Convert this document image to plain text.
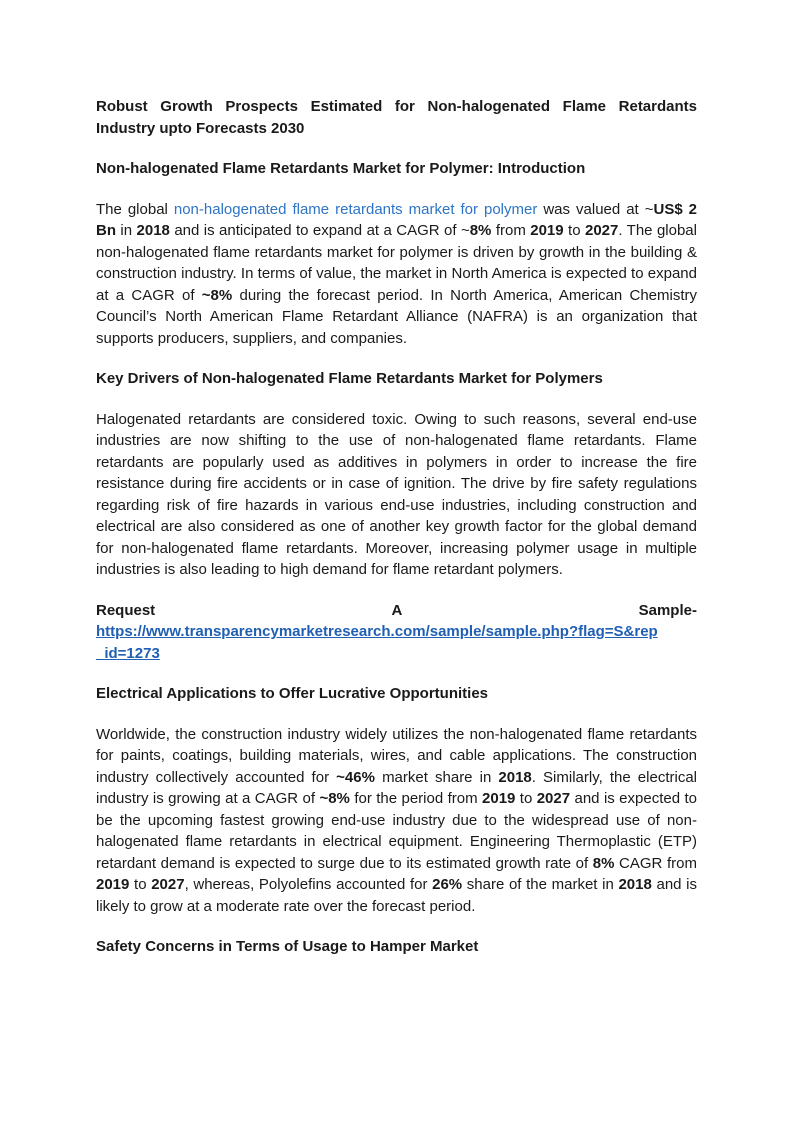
Robust Growth Prospects Estimated for Non-halogenated Flame Retardants Industry upto Forecasts 2030

Non-halogenated Flame Retardants Market for Polymer: Introduction

The global non-halogenated flame retardants market for polymer was valued at ~US$ 2 Bn in 2018 and is anticipated to expand at a CAGR of ~8% from 2019 to 2027. The global non-halogenated flame retardants market for polymer is driven by growth in the building & construction industry. In terms of value, the market in North America is expected to expand at a CAGR of ~8% during the forecast period. In North America, American Chemistry Council’s North American Flame Retardant Alliance (NAFRA) is an organization that supports producers, suppliers, and companies.

Key Drivers of Non-halogenated Flame Retardants Market for Polymers

Halogenated retardants are considered toxic. Owing to such reasons, several end-use industries are now shifting to the use of non-halogenated flame retardants. Flame retardants are popularly used as additives in polymers in order to increase the fire resistance during fire accidents or in case of ignition. The drive by fire safety regulations regarding risk of fire hazards in various end-use industries, including construction and electrical are also considered as one of another key growth factor for the global demand for non-halogenated flame retardants. Moreover, increasing polymer usage in multiple industries is also leading to high demand for flame retardant polymers.

Request	A	Sample-

https://www.transparencymarketresearch.com/sample/sample.php?flag=S&rep
_id=1273

Electrical Applications to Offer Lucrative Opportunities

Worldwide, the construction industry widely utilizes the non-halogenated flame retardants for paints, coatings, building materials, wires, and cable applications. The construction industry collectively accounted for ~46% market share in 2018. Similarly, the electrical industry is growing at a CAGR of ~8% for the period from 2019 to 2027 and is expected to be the upcoming fastest growing end-use industry due to the widespread use of non-halogenated flame retardants in electrical equipment. Engineering Thermoplastic (ETP) retardant demand is expected to surge due to its estimated growth rate of 8% CAGR from 2019 to 2027, whereas, Polyolefins accounted for 26% share of the market in 2018 and is likely to grow at a moderate rate over the forecast period.

Safety Concerns in Terms of Usage to Hamper Market
